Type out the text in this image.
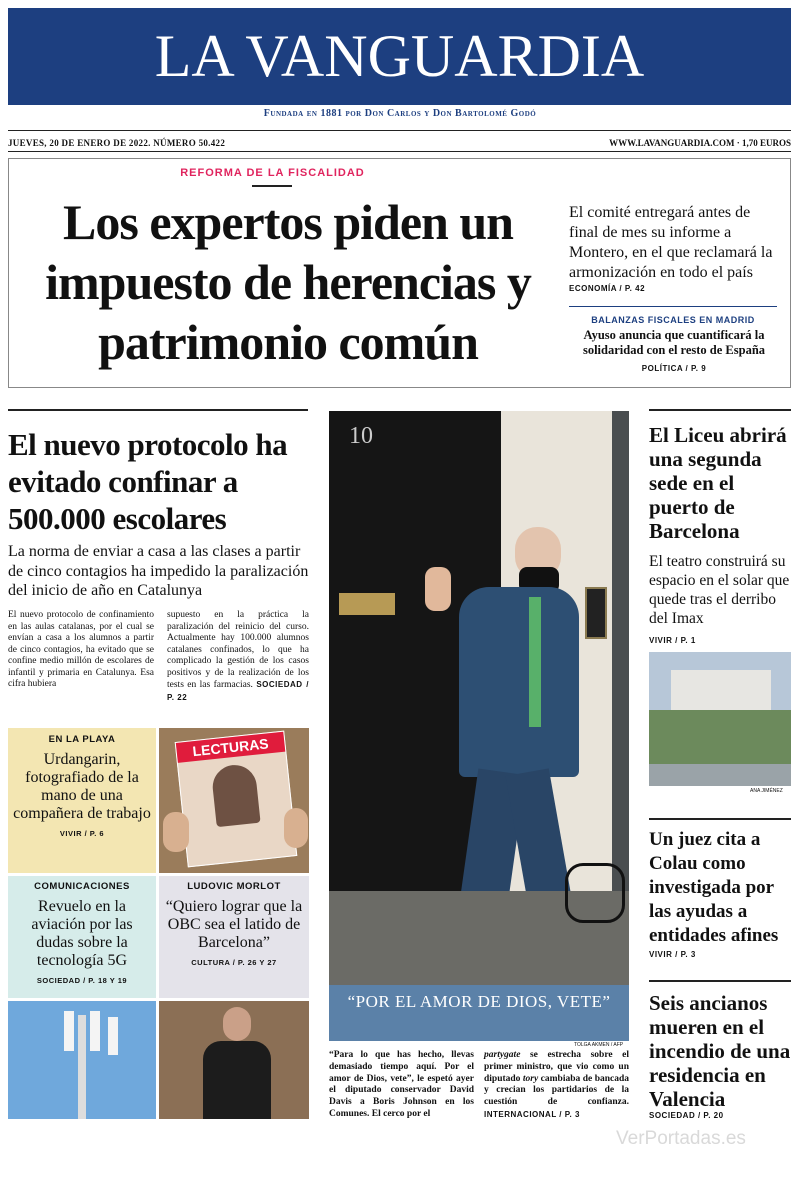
LA VANGUARDIA
Fundada en 1881 por Don Carlos y Don Bartolomé Godó
JUEVES, 20 DE ENERO DE 2022. NÚMERO 50.422	WWW.LAVANGUARDIA.COM · 1,70 EUROS
REFORMA DE LA FISCALIDAD
Los expertos piden un impuesto de herencias y patrimonio común
El comité entregará antes de final de mes su informe a Montero, en el que reclamará la armonización en todo el país
ECONOMÍA / P. 42
BALANZAS FISCALES EN MADRID
Ayuso anuncia que cuantificará la solidaridad con el resto de España
POLÍTICA / P. 9
El nuevo protocolo ha evitado confinar a 500.000 escolares
La norma de enviar a casa a las clases a partir de cinco contagios ha impedido la paralización del inicio de año en Catalunya
El nuevo protocolo de confinamiento en las aulas catalanas, por el cual se envían a casa a los alumnos a partir de cinco contagios, ha evitado que se confine medio millón de escolares de infantil y primaria en Catalunya. Esa cifra hubiera
supuesto en la práctica la paralización del reinicio del curso. Actualmente hay 100.000 alumnos catalanes confinados, lo que ha complicado la gestión de los casos positivos y de la realización de los tests en las farmacias. SOCIEDAD / P. 22
EN LA PLAYA
Urdangarin, fotografiado de la mano de una compañera de trabajo
VIVIR / P. 6
LECTURAS
COMUNICACIONES
Revuelo en la aviación por las dudas sobre la tecnología 5G
SOCIEDAD / P. 18 Y 19
LUDOVIC MORLOT
“Quiero lograr que la OBC sea el latido de Barcelona”
CULTURA / P. 26 Y 27
10
“POR EL AMOR DE DIOS, VETE”
TOLGA AKMEN / AFP
“Para lo que has hecho, llevas demasiado tiempo aquí. Por el amor de Dios, vete”, le espetó ayer el diputado conservador David Davis a Boris Johnson en los Comunes. El cerco por el
partygate se estrecha sobre el primer ministro, que vio como un diputado tory cambiaba de bancada y crecian los partidarios de la cuestión de confianza. INTERNACIONAL / P. 3
El Liceu abrirá una segunda sede en el puerto de Barcelona
El teatro construirá su espacio en el solar que quede tras el derribo del Imax
VIVIR / P. 1
ANA JIMÉNEZ
Un juez cita a Colau como investigada por las ayudas a entidades afines
VIVIR / P. 3
Seis ancianos mueren en el incendio de una residencia en Valencia
SOCIEDAD / P. 20
VerPortadas.es
